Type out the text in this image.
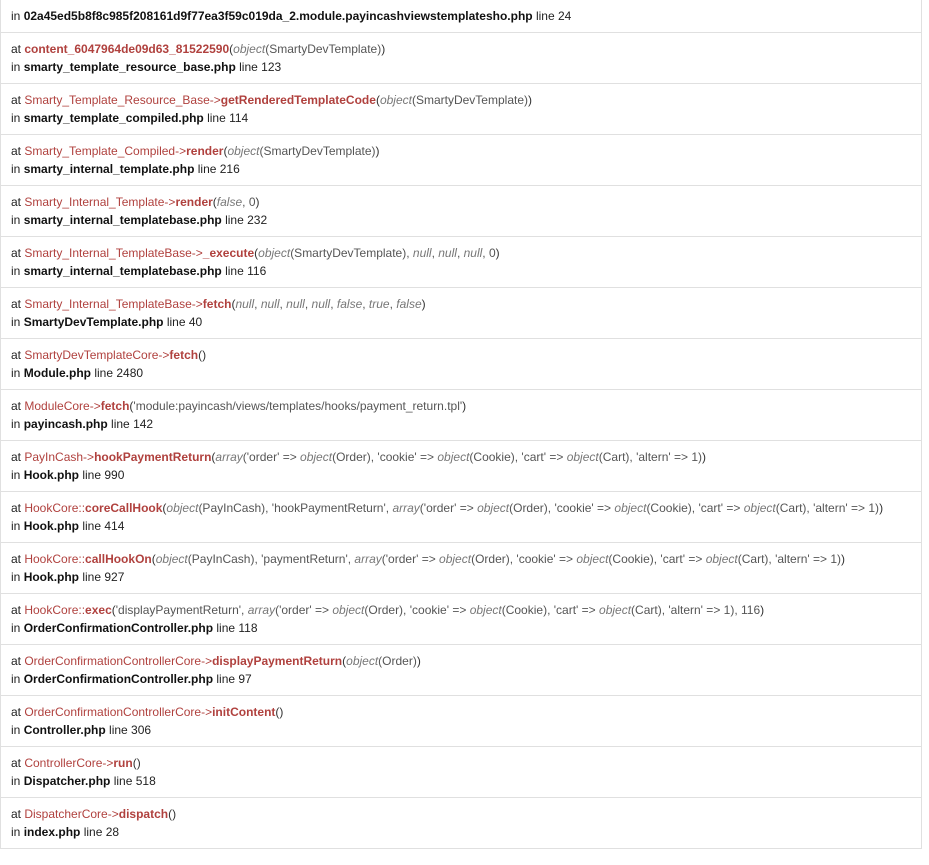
in 02a45ed5b8f8c985f208161d9f77ea3f59c019da_2.module.payincashviewstemplatesho.php line 24
at content_6047964de09d63_81522590(object(SmartyDevTemplate))
in smarty_template_resource_base.php line 123
at Smarty_Template_Resource_Base->getRenderedTemplateCode(object(SmartyDevTemplate))
in smarty_template_compiled.php line 114
at Smarty_Template_Compiled->render(object(SmartyDevTemplate))
in smarty_internal_template.php line 216
at Smarty_Internal_Template->render(false, 0)
in smarty_internal_templatebase.php line 232
at Smarty_Internal_TemplateBase->_execute(object(SmartyDevTemplate), null, null, null, 0)
in smarty_internal_templatebase.php line 116
at Smarty_Internal_TemplateBase->fetch(null, null, null, null, false, true, false)
in SmartyDevTemplate.php line 40
at SmartyDevTemplateCore->fetch()
in Module.php line 2480
at ModuleCore->fetch('module:payincash/views/templates/hooks/payment_return.tpl')
in payincash.php line 142
at PayInCash->hookPaymentReturn(array('order' => object(Order), 'cookie' => object(Cookie), 'cart' => object(Cart), 'altern' => 1))
in Hook.php line 990
at HookCore::coreCallHook(object(PayInCash), 'hookPaymentReturn', array('order' => object(Order), 'cookie' => object(Cookie), 'cart' => object(Cart), 'altern' => 1))
in Hook.php line 414
at HookCore::callHookOn(object(PayInCash), 'paymentReturn', array('order' => object(Order), 'cookie' => object(Cookie), 'cart' => object(Cart), 'altern' => 1))
in Hook.php line 927
at HookCore::exec('displayPaymentReturn', array('order' => object(Order), 'cookie' => object(Cookie), 'cart' => object(Cart), 'altern' => 1), 116)
in OrderConfirmationController.php line 118
at OrderConfirmationControllerCore->displayPaymentReturn(object(Order))
in OrderConfirmationController.php line 97
at OrderConfirmationControllerCore->initContent()
in Controller.php line 306
at ControllerCore->run()
in Dispatcher.php line 518
at DispatcherCore->dispatch()
in index.php line 28
